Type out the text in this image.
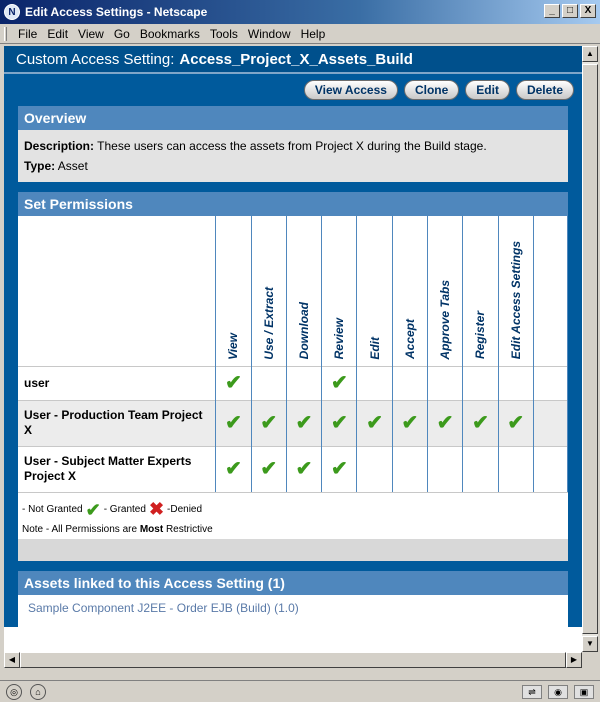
N Edit Access Settings - Netscape	_	□	X
File Edit View Go Bookmarks Tools Window Help
Custom Access Setting: Access_Project_X_Assets_Build
View Access	Clone	Edit	Delete
Overview
Description: These users can access the assets from Project X during the Build stage.
Type: Asset
Set Permissions

	View	Use / Extract	Download	Review	Edit	Accept	Approve Tabs	Register	Edit Access Settings	

user	✔			✔						
User - Production Team Project X	✔	✔	✔	✔	✔	✔	✔	✔	✔	
User - Subject Matter Experts Project X	✔	✔	✔	✔						
- Not Granted ✔ - Granted ✖ -Denied
Note - All Permissions are Most Restrictive
Assets linked to this Access Setting (1)
Sample Component J2EE - Order EJB (Build) (1.0)
▲
▼
◀	▶
◎	⌂	⇌	◉	▣
